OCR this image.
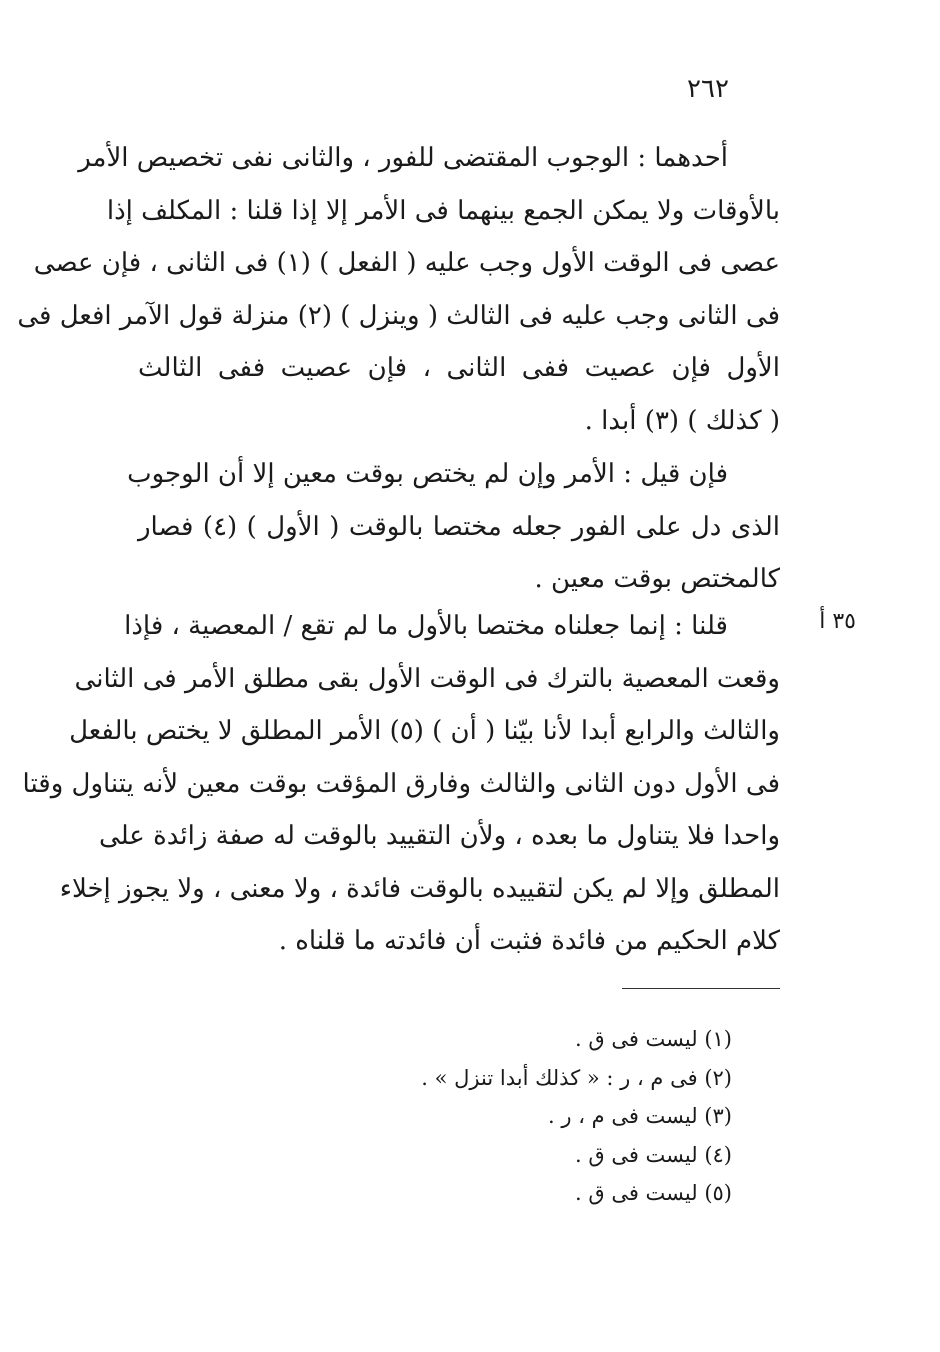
٢٦٢
٣٥ أ
أحدهما : الوجوب المقتضى للفور ، والثانى نفى تخصيص الأمر
بالأوقات ولا يمكن الجمع بينهما فى الأمر إلا إذا قلنا : المكلف إذا
عصى فى الوقت الأول وجب عليه ( الفعل ) (١) فى الثانى ، فإن عصى
فى الثانى وجب عليه فى الثالث ( وينزل ) (٢) منزلة قول الآمر افعل فى
الأول فإن عصيت ففى الثانى ، فإن عصيت ففى الثالث
( كذلك ) (٣) أبدا .
فإن قيل : الأمر وإن لم يختص بوقت معين إلا أن الوجوب
الذى دل على الفور جعله مختصا بالوقت ( الأول ) (٤) فصار
كالمختص بوقت معين .
قلنا : إنما جعلناه مختصا بالأول ما لم تقع / المعصية ، فإذا
وقعت المعصية بالترك فى الوقت الأول بقى مطلق الأمر فى الثانى
والثالث والرابع أبدا لأنا بيّنا ( أن ) (٥) الأمر المطلق لا يختص بالفعل
فى الأول دون الثانى والثالث وفارق المؤقت بوقت معين لأنه يتناول وقتا
واحدا فلا يتناول ما بعده ، ولأن التقييد بالوقت له صفة زائدة على
المطلق وإلا لم يكن لتقييده بالوقت فائدة ، ولا معنى ، ولا يجوز إخلاء
كلام الحكيم من فائدة فثبت أن فائدته ما قلناه .
(١) ليست فى ق .
(٢) فى م ، ر : « كذلك أبدا تنزل » .
(٣) ليست فى م ، ر .
(٤) ليست فى ق .
(٥) ليست فى ق .
